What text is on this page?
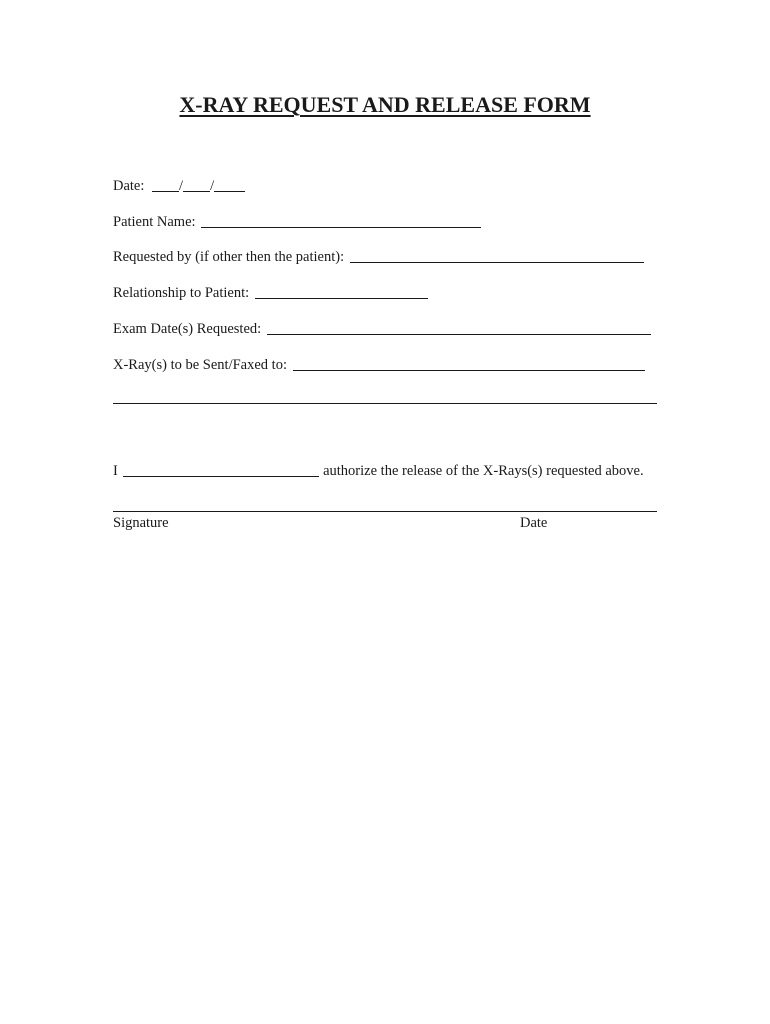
X-RAY REQUEST AND RELEASE FORM
Date: / /
Patient Name:
Requested by (if other then the patient):
Relationship to Patient:
Exam Date(s) Requested:
X-Ray(s) to be Sent/Faxed to:
I	authorize the release of the X-Rays(s) requested above.
Signature	Date
